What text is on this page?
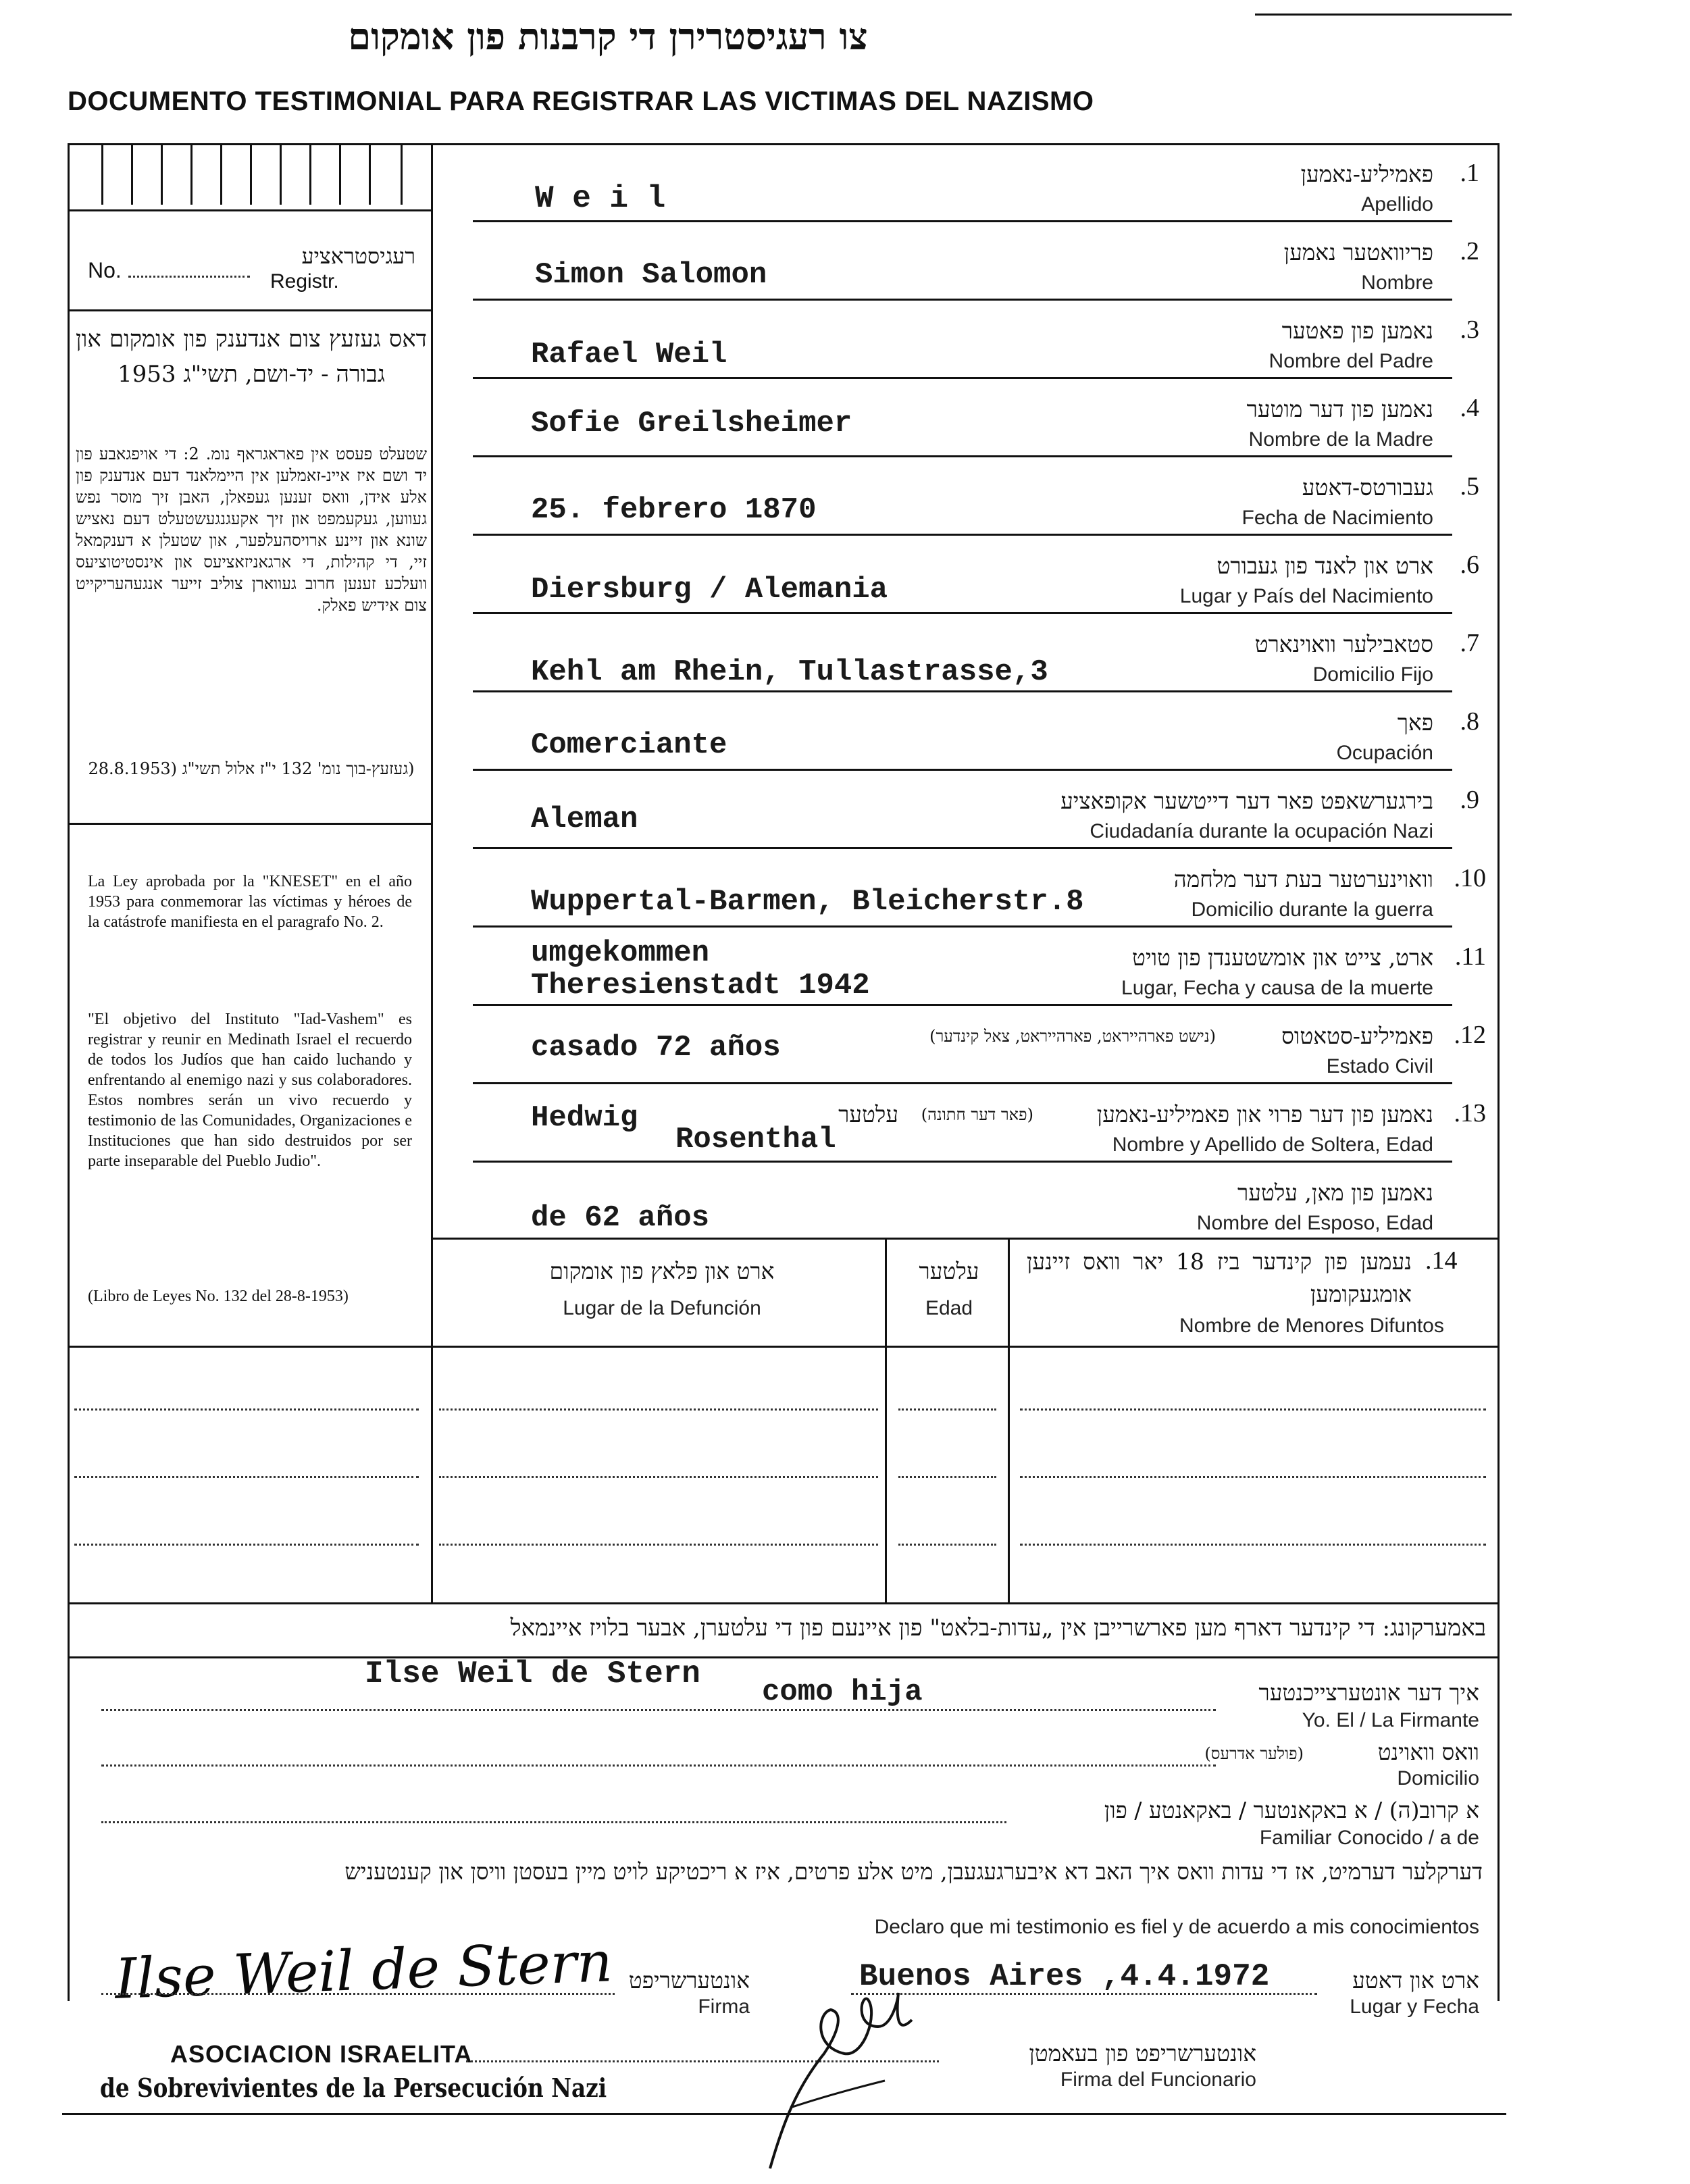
צו רעגיסטרירן די קרבנות פון אומקום
DOCUMENTO TESTIMONIAL PARA REGISTRAR LAS VICTIMAS DEL NAZISMO
No.
רעגיסטראציע
Registr.
דאס געזעץ צום אנדענק פון אומקום און גבורה - יד-ושם, תשי"ג 1953
שטעלט פעסט אין פאראגראף נומ. 2: די אויפגאבע פון יד ושם איז איינ-זאמלען אין היימלאנד דעם אנדענק פון אלע אידן, וואס זענען געפאלן, האבן זיך מוסר נפש געווען, געקעמפט און זיך אקעגנגעשטעלט דעם נאציש שונא און זיינע ארויסהעלפער, און שטעלן א דענקמאל זיי, די קהילות, די ארגאניזאציעס און אינסטיטוציעס וועלכע זענען חרוב געווארן צוליב זייער אנגעהעריקייט צום אידיש פאלק.
(געזעץ-בוך נומ' 132 י"ז אלול תשי"ג (28.8.1953
La Ley aprobada por la "KNESET" en el año 1953 para conmemorar las víctimas y héroes de la catástrofe manifiesta en el paragrafo No. 2.
"El objetivo del Instituto "Iad-Vashem" es registrar y reunir en Medinath Israel el recuerdo de todos los Judíos que han caido luchando y enfrentando al enemigo nazi y sus colaboradores. Estos nombres serán un vivo recuerdo y testimonio de las Comunidades, Organizaciones e Instituciones que han sido destruidos por ser parte inseparable del Pueblo Judio".
(Libro de Leyes No. 132 del 28-8-1953)
פאמיליע-נאמען .1
Apellido
W e i l
פריוואטער נאמען .2
Nombre
Simon Salomon
נאמען פון פאטער .3
Nombre del Padre
Rafael Weil
נאמען פון דער מוטער .4
Nombre de la Madre
Sofie Greilsheimer
געבורטס-דאטע .5
Fecha de Nacimiento
25. febrero 1870
ארט און לאנד פון געבורט .6
Lugar y País del Nacimiento
Diersburg / Alemania
סטאבילער וואוינארט .7
Domicilio Fijo
Kehl am Rhein, Tullastrasse,3
פאך .8
Ocupación
Comerciante
בירגערשאפט פאר דער דייטשער אקופאציע .9
Ciudadanía durante la ocupación Nazi
Aleman
וואוינערטער בעת דער מלחמה .10
Domicilio durante la guerra
Wuppertal-Barmen, Bleicherstr.8
ארט, צייט און אומשטענדן פון טויט .11
Lugar, Fecha y causa de la muerte
umgekommen
Theresienstadt 1942
פאמיליע-סטאטוס
(נישט פארהייראט, פארהייראט, צאל קינדער)	.12
Estado Civil
casado 72 años
נאמען פון דער פרוי און פאמיליע-נאמען
(פאר דער חתונה)
עלטער	.13
Nombre y Apellido de Soltera, Edad
Hedwig
Rosenthal
נאמען פון מאן, עלטער
Nombre del Esposo, Edad
de 62 años
נעמען פון קינדער ביז 18 יאר וואס זיינען אומגעקומען
.14
Nombre de Menores Difuntos
עלטער
Edad
ארט און פלאץ פון אומקום
Lugar de la Defunción
באמערקונג: די קינדער דארף מען פארשרייבן אין „עדות-בלאט" פון איינעם פון די עלטערן, אבער בלויז איינמאל
Ilse Weil de Stern
como hija	איך דער אונטערצייכנטער
Yo. El / La Firmante
(פולער אדרעס)	וואס וואוינט
Domicilio
א קרוב(ה) / א באקאנטער / באקאנטע / פון
Familiar Conocido / a de
דערקלער דערמיט, אז די עדות וואס איך האב דא איבערגעגעבן, מיט אלע פרטים, איז א ריכטיקע לויט מיין בעסטן וויסן און קענטעניש
Declaro que mi testimonio es fiel y de acuerdo a mis conocimientos
Ilse Weil de Stern אונטערשריפט
Firma
Buenos Aires ,4.4.1972	ארט און דאטע
Lugar y Fecha
ASOCIACION ISRAELITA
de Sobrevivientes de la Persecución Nazi
אונטערשריפט פון בעאמטן
Firma del Funcionario
